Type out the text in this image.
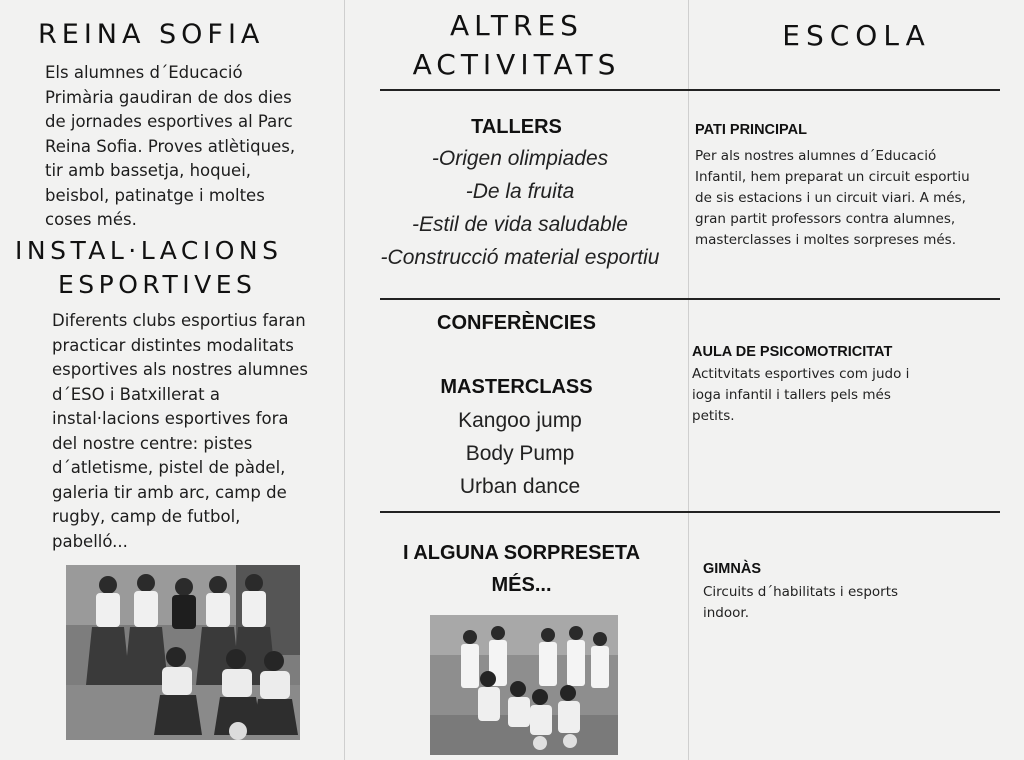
REINA SOFIA
Els alumnes d´Educació
Primària gaudiran de dos dies
de jornades esportives al Parc
Reina Sofia. Proves atlètiques,
tir amb bassetja, hoquei,
beisbol, patinatge i moltes
coses més.
INSTAL·LACIONS
ESPORTIVES
Diferents clubs esportius faran
practicar distintes modalitats
esportives als nostres alumnes
d´ESO i Batxillerat a
instal·lacions esportives fora
del nostre centre: pistes
d´atletisme, pistel de pàdel,
galeria tir amb arc, camp de
rugby, camp de futbol,
pabelló...
ALTRES
ACTIVITATS
TALLERS
-Origen olimpiades
-De la fruita
-Estil de vida saludable
-Construcció material esportiu
CONFERÈNCIES
MASTERCLASS
Kangoo jump
Body Pump
Urban dance
I ALGUNA SORPRESETA
MÉS...
ESCOLA
PATI PRINCIPAL
Per als nostres alumnes d´Educació
Infantil, hem preparat un circuit esportiu
de sis estacions i un circuit viari. A més,
gran partit professors contra alumnes,
masterclasses i moltes sorpreses més.
AULA DE PSICOMOTRICITAT
Actitvitats esportives com judo i
ioga infantil i tallers pels més
petits.
GIMNÀS
Circuits d´habilitats i esports
indoor.
